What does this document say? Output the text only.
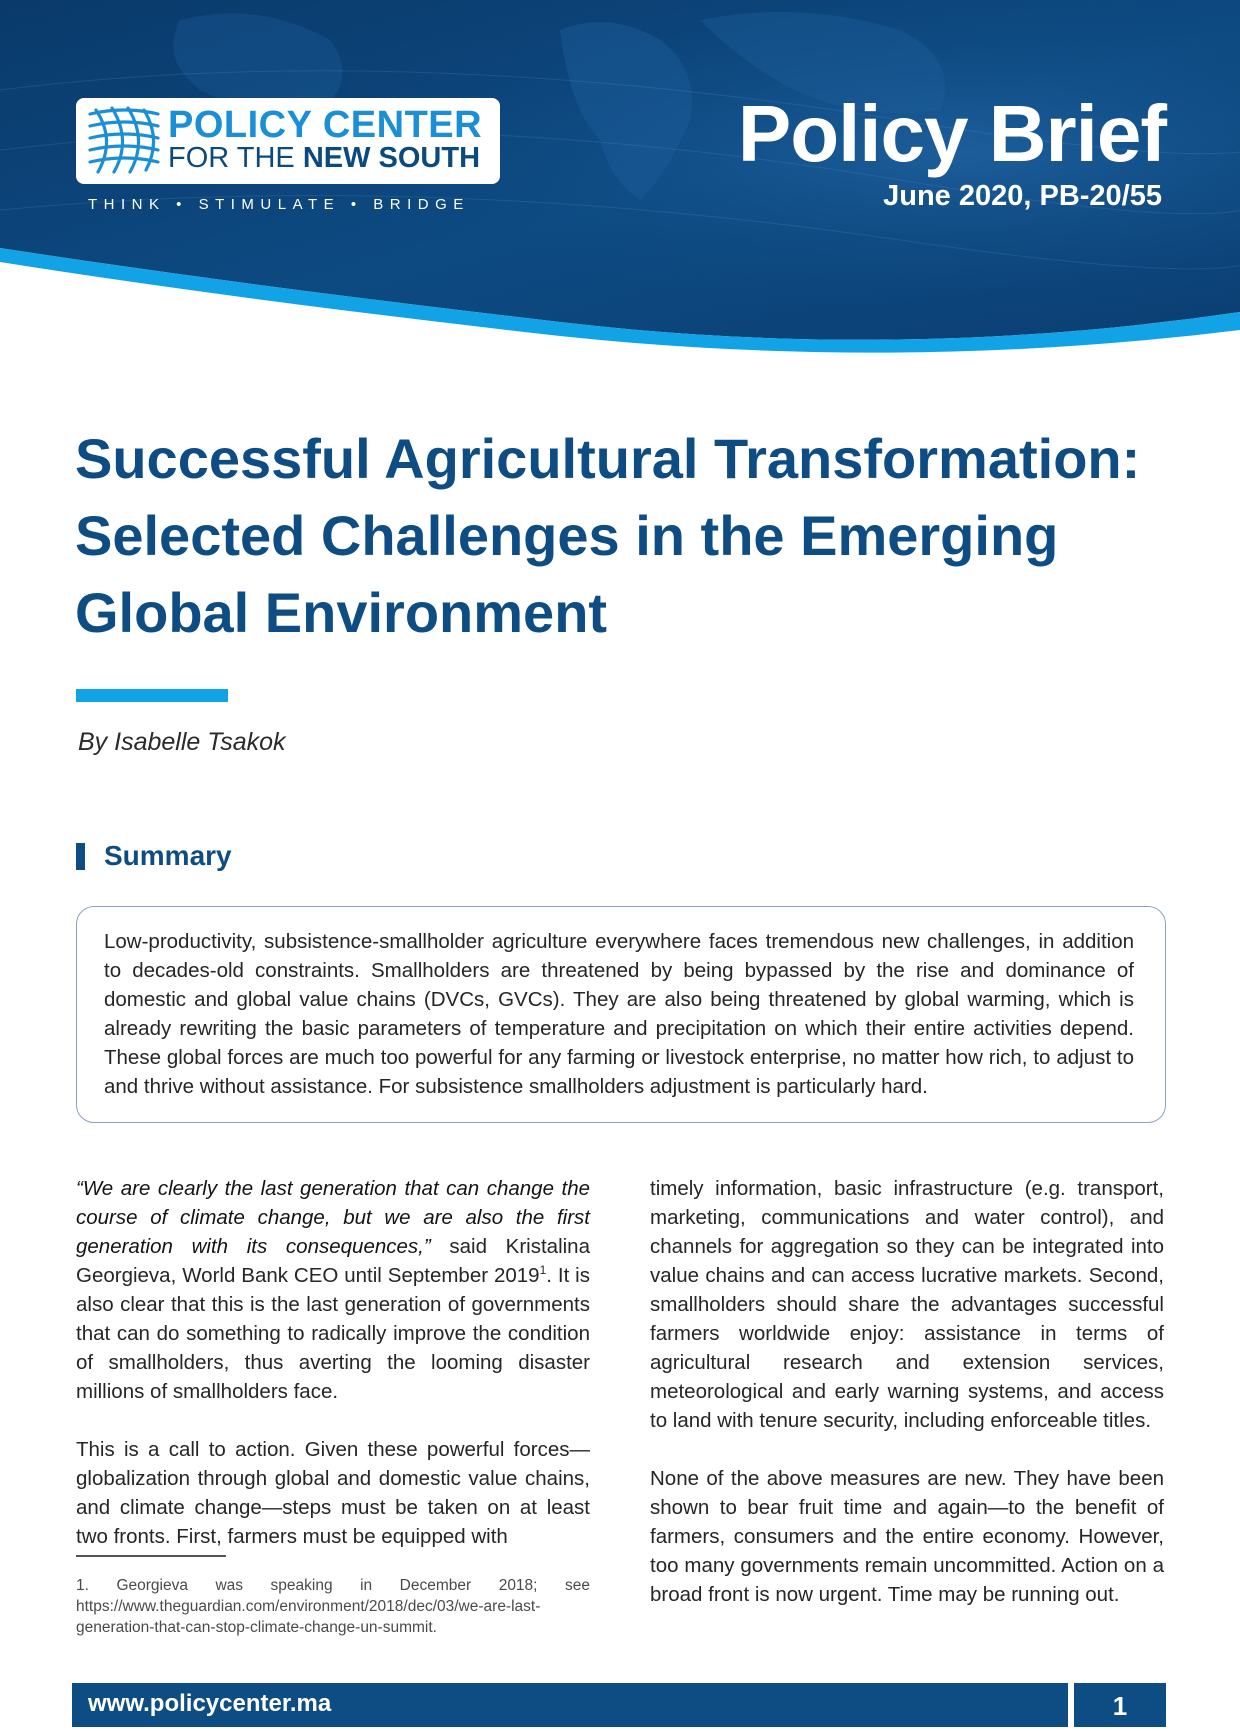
POLICY CENTER
FOR THE NEW SOUTH
THINK • STIMULATE • BRIDGE
Policy Brief
June 2020, PB-20/55
Successful Agricultural Transformation: Selected Challenges in the Emerging Global Environment
By Isabelle Tsakok
Summary
Low-productivity, subsistence-smallholder agriculture everywhere faces tremendous new challenges, in addition to decades-old constraints. Smallholders are threatened by being bypassed by the rise and dominance of domestic and global value chains (DVCs, GVCs). They are also being threatened by global warming, which is already rewriting the basic parameters of temperature and precipitation on which their entire activities depend. These global forces are much too powerful for any farming or livestock enterprise, no matter how rich, to adjust to and thrive without assistance. For subsistence smallholders adjustment is particularly hard.

“We are clearly the last generation that can change the course of climate change, but we are also the first generation with its consequences,” said Kristalina Georgieva, World Bank CEO until September 2019$^1$. It is also clear that this is the last generation of governments that can do something to radically improve the condition of smallholders, thus averting the looming disaster millions of smallholders face.

This is a call to action. Given these powerful forces—globalization through global and domestic value chains, and climate change—steps must be taken on at least two fronts. First, farmers must be equipped with

1. Georgieva was speaking in December 2018; see https://www.theguardian.com/environment/2018/dec/03/we-are-last-generation-that-can-stop-climate-change-un-summit.

timely information, basic infrastructure (e.g. transport, marketing, communications and water control), and channels for aggregation so they can be integrated into value chains and can access lucrative markets. Second, smallholders should share the advantages successful farmers worldwide enjoy: assistance in terms of agricultural research and extension services, meteorological and early warning systems, and access to land with tenure security, including enforceable titles.

None of the above measures are new. They have been shown to bear fruit time and again—to the benefit of farmers, consumers and the entire economy. However, too many governments remain uncommitted. Action on a broad front is now urgent. Time may be running out.

www.policycenter.ma	1
